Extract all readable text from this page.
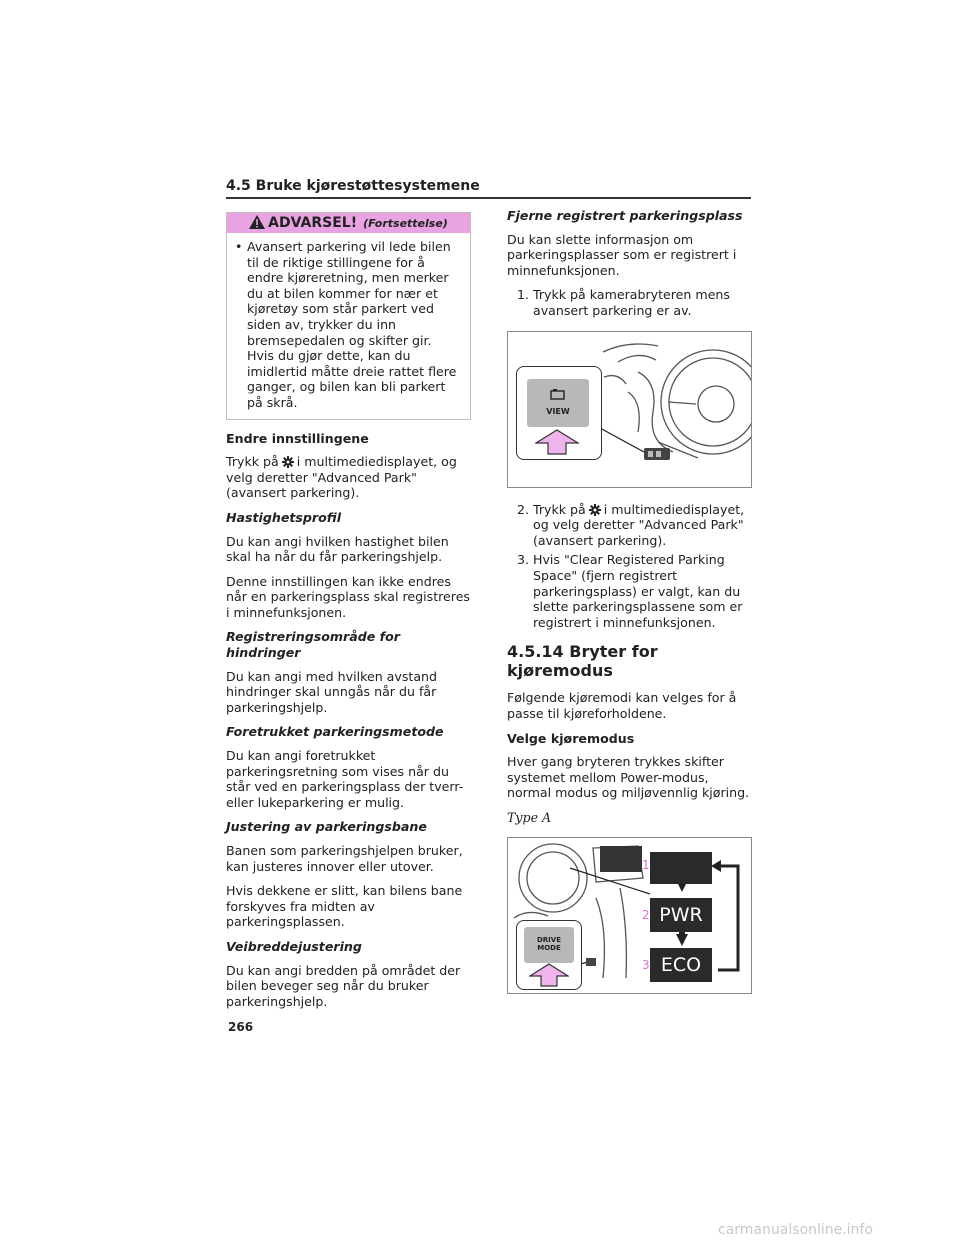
4.5 Bruke kjørestøttesystemene
ADVARSEL! (Fortsettelse)
• Avansert parkering vil lede bilen til de riktige stillingene for å endre kjøreretning, men merker du at bilen kommer for nær et kjøretøy som står parkert ved siden av, trykker du inn bremsepedalen og skifter gir. Hvis du gjør dette, kan du imidlertid måtte dreie rattet flere ganger, og bilen kan bli parkert på skrå.
Endre innstillingene

Trykk på i multimediedisplayet, og velg deretter "Advanced Park" (avansert parkering).

Hastighetsprofil

Du kan angi hvilken hastighet bilen skal ha når du får parkeringshjelp.

Denne innstillingen kan ikke endres når en parkeringsplass skal registreres i minnefunksjonen.

Registreringsområde for hindringer

Du kan angi med hvilken avstand hindringer skal unngås når du får parkeringshjelp.

Foretrukket parkeringsmetode

Du kan angi foretrukket parkeringsretning som vises når du står ved en parkeringsplass der tverr- eller lukeparkering er mulig.

Justering av parkeringsbane

Banen som parkeringshjelpen bruker, kan justeres innover eller utover.

Hvis dekkene er slitt, kan bilens bane forskyves fra midten av parkeringsplassen.

Veibreddejustering

Du kan angi bredden på området der bilen beveger seg når du bruker parkeringshjelp.

Fjerne registrert parkeringsplass

Du kan slette informasjon om parkeringsplasser som er registrert i minnefunksjonen.

1. Trykk på kamerabryteren mens avansert parkering er av.
VIEW
2. Trykk på i multimediedisplayet, og velg deretter "Advanced Park" (avansert parkering).
3. Hvis "Clear Registered Parking Space" (fjern registrert parkeringsplass) er valgt, kan du slette parkeringsplassene som er registrert i minnefunksjonen.
4.5.14 Bryter for kjøremodus

Følgende kjøremodi kan velges for å passe til kjøreforholdene.

Velge kjøremodus

Hver gang bryteren trykkes skifter systemet mellom Power-modus, normal modus og miljøvennlig kjøring.

Type A

PWR
ECO
1
2
3
DRIVE
MODE
266
carmanualsonline.info
